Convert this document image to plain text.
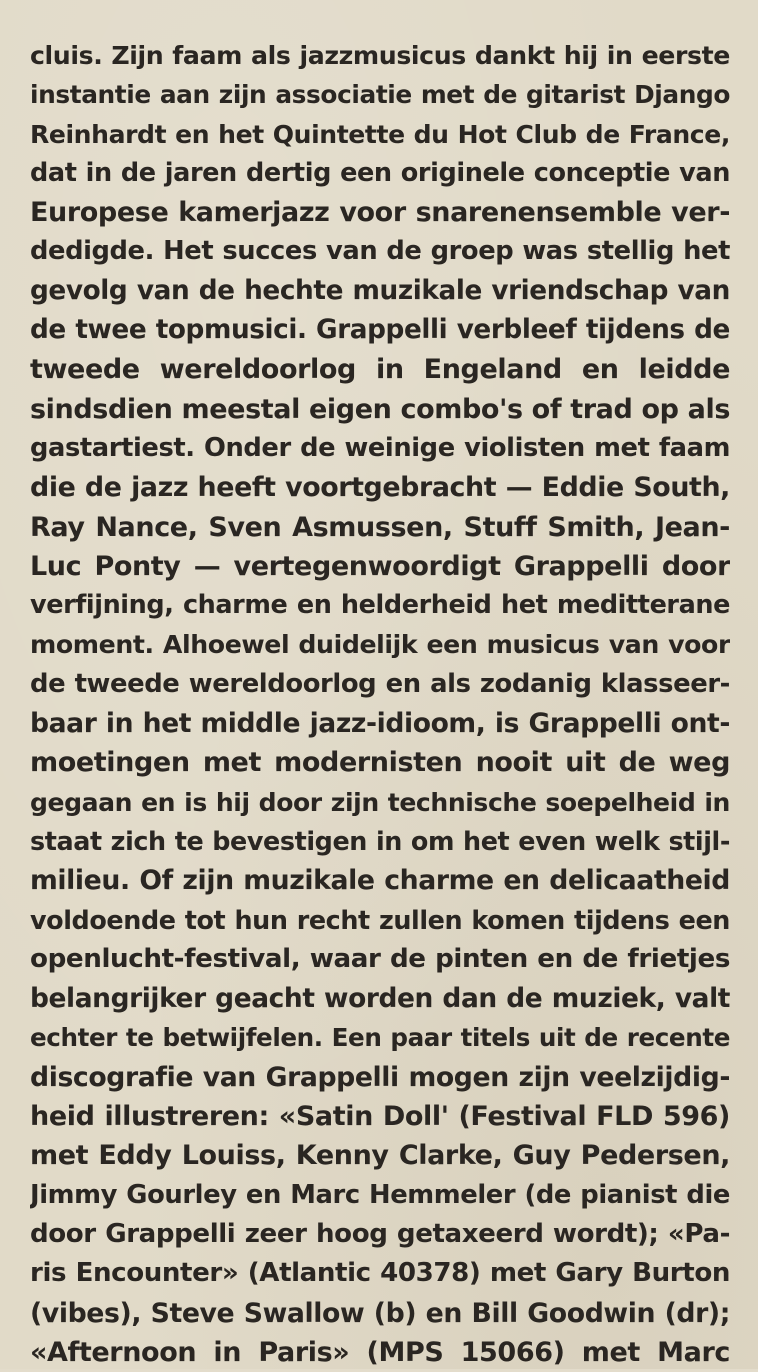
cluis. Zijn faam als jazzmusicus dankt hij in eerste
instantie aan zijn associatie met de gitarist Django
Reinhardt en het Quintette du Hot Club de France,
dat in de jaren dertig een originele conceptie van
Europese kamerjazz voor snarenensemble ver-
dedigde. Het succes van de groep was stellig het
gevolg van de hechte muzikale vriendschap van
de twee topmusici. Grappelli verbleef tijdens de
tweede wereldoorlog in Engeland en leidde
sindsdien meestal eigen combo's of trad op als
gastartiest. Onder de weinige violisten met faam
die de jazz heeft voortgebracht — Eddie South,
Ray Nance, Sven Asmussen, Stuff Smith, Jean-
Luc Ponty — vertegenwoordigt Grappelli door
verfijning, charme en helderheid het meditterane
moment. Alhoewel duidelijk een musicus van voor
de tweede wereldoorlog en als zodanig klasseer-
baar in het middle jazz-idioom, is Grappelli ont-
moetingen met modernisten nooit uit de weg
gegaan en is hij door zijn technische soepelheid in
staat zich te bevestigen in om het even welk stijl-
milieu. Of zijn muzikale charme en delicaatheid
voldoende tot hun recht zullen komen tijdens een
openlucht-festival, waar de pinten en de frietjes
belangrijker geacht worden dan de muziek, valt
echter te betwijfelen. Een paar titels uit de recente
discografie van Grappelli mogen zijn veelzijdig-
heid illustreren: «Satin Doll' (Festival FLD 596)
met Eddy Louiss, Kenny Clarke, Guy Pedersen,
Jimmy Gourley en Marc Hemmeler (de pianist die
door Grappelli zeer hoog getaxeerd wordt); «Pa-
ris Encounter» (Atlantic 40378) met Gary Burton
(vibes), Steve Swallow (b) en Bill Goodwin (dr);
«Afternoon in Paris» (MPS 15066) met Marc
